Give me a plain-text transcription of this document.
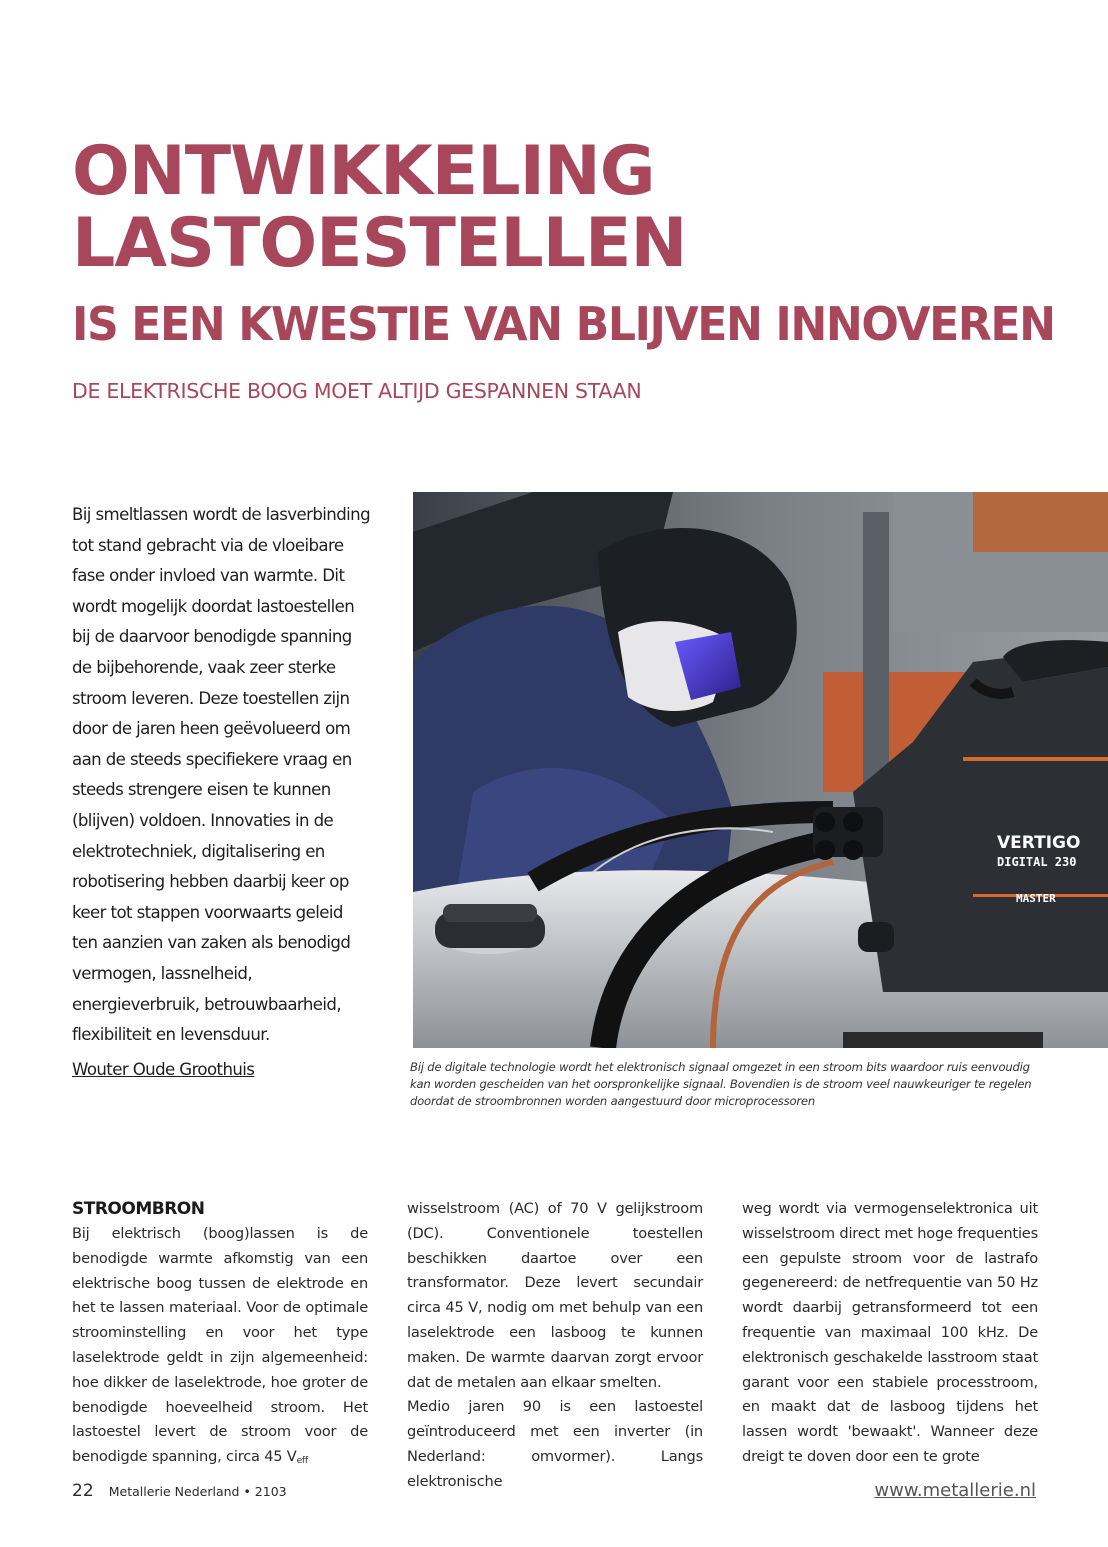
ONTWIKKELING
LASTOESTELLEN
IS EEN KWESTIE VAN BLIJVEN INNOVEREN
DE ELEKTRISCHE BOOG MOET ALTIJD GESPANNEN STAAN

Bij smeltlassen wordt de lasverbinding tot stand gebracht via de vloeibare fase onder invloed van warmte. Dit wordt mogelijk doordat lastoestellen bij de daarvoor benodigde spanning de bijbehorende, vaak zeer sterke stroom leveren. Deze toestellen zijn door de jaren heen geëvolueerd om aan de steeds specifiekere vraag en steeds strengere eisen te kunnen (blijven) voldoen. Innovaties in de elektrotechniek, digitalisering en robotisering hebben daarbij keer op keer tot stappen voorwaarts geleid ten aanzien van zaken als benodigd vermogen, lassnelheid, energieverbruik, betrouwbaarheid, flexibiliteit en levensduur.

Wouter Oude Groothuis

VERTIGO
DIGITAL 230
MASTER
Bij de digitale technologie wordt het elektronisch signaal omgezet in een stroom bits waardoor ruis eenvoudig kan worden gescheiden van het oorspronkelijke signaal. Bovendien is de stroom veel nauwkeuriger te regelen doordat de stroombronnen worden aangestuurd door microprocessoren
STROOMBRON

Bij elektrisch (boog)lassen is de benodigde warmte afkomstig van een elektrische boog tussen de elektrode en het te lassen materiaal. Voor de optimale stroominstelling en voor het type laselektrode geldt in zijn algemeenheid: hoe dikker de laselektrode, hoe groter de benodigde hoeveelheid stroom. Het lastoestel levert de stroom voor de benodigde spanning, circa 45 $V_{eff}$

wisselstroom (AC) of 70 V gelijkstroom (DC). Conventionele toestellen beschikken daartoe over een transformator. Deze levert secundair circa 45 V, nodig om met behulp van een laselektrode een lasboog te kunnen maken. De warmte daarvan zorgt ervoor dat de metalen aan elkaar smelten.

Medio jaren 90 is een lastoestel geïntroduceerd met een inverter (in Nederland: omvormer). Langs elektronische

weg wordt via vermogenselektronica uit wisselstroom direct met hoge frequenties een gepulste stroom voor de lastrafo gegenereerd: de netfrequentie van 50 Hz wordt daarbij getransformeerd tot een frequentie van maximaal 100 kHz. De elektronisch geschakelde lasstroom staat garant voor een stabiele processtroom, en maakt dat de lasboog tijdens het lassen wordt 'bewaakt'. Wanneer deze dreigt te doven door een te grote

22 Metallerie Nederland • 2103	www.metallerie.nl
